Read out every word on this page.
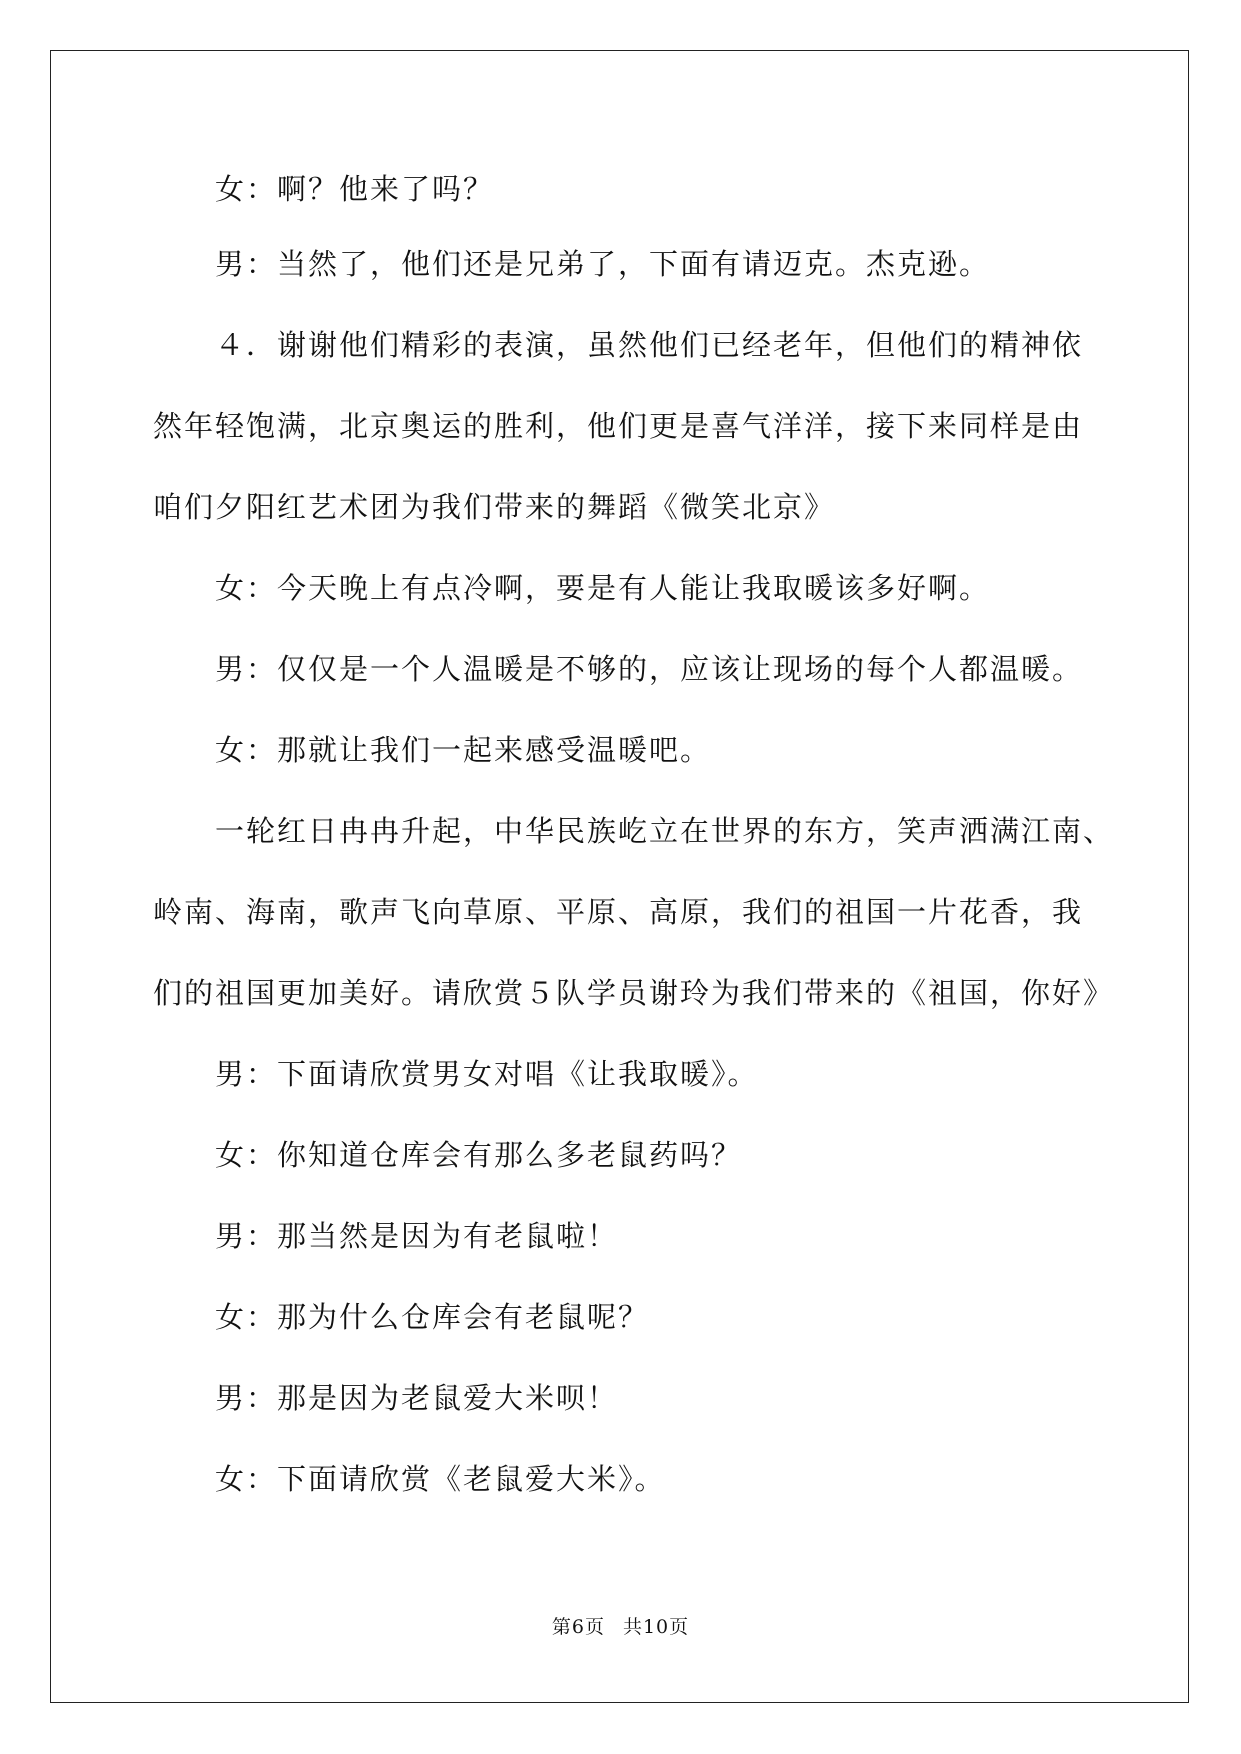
女：啊？他来了吗？

男：当然了，他们还是兄弟了，下面有请迈克。杰克逊。

４．谢谢他们精彩的表演，虽然他们已经老年，但他们的精神依

然年轻饱满，北京奥运的胜利，他们更是喜气洋洋，接下来同样是由

咱们夕阳红艺术团为我们带来的舞蹈《微笑北京》

女：今天晚上有点冷啊，要是有人能让我取暖该多好啊。

男：仅仅是一个人温暖是不够的，应该让现场的每个人都温暖。

女：那就让我们一起来感受温暖吧。

一轮红日冉冉升起，中华民族屹立在世界的东方，笑声洒满江南、

岭南、海南，歌声飞向草原、平原、高原，我们的祖国一片花香，我

们的祖国更加美好。请欣赏５队学员谢玲为我们带来的《祖国，你好》

男：下面请欣赏男女对唱《让我取暖》。

女：你知道仓库会有那么多老鼠药吗？

男：那当然是因为有老鼠啦！

女：那为什么仓库会有老鼠呢？

男：那是因为老鼠爱大米呗！

女：下面请欣赏《老鼠爱大米》。

第6页 共10页
